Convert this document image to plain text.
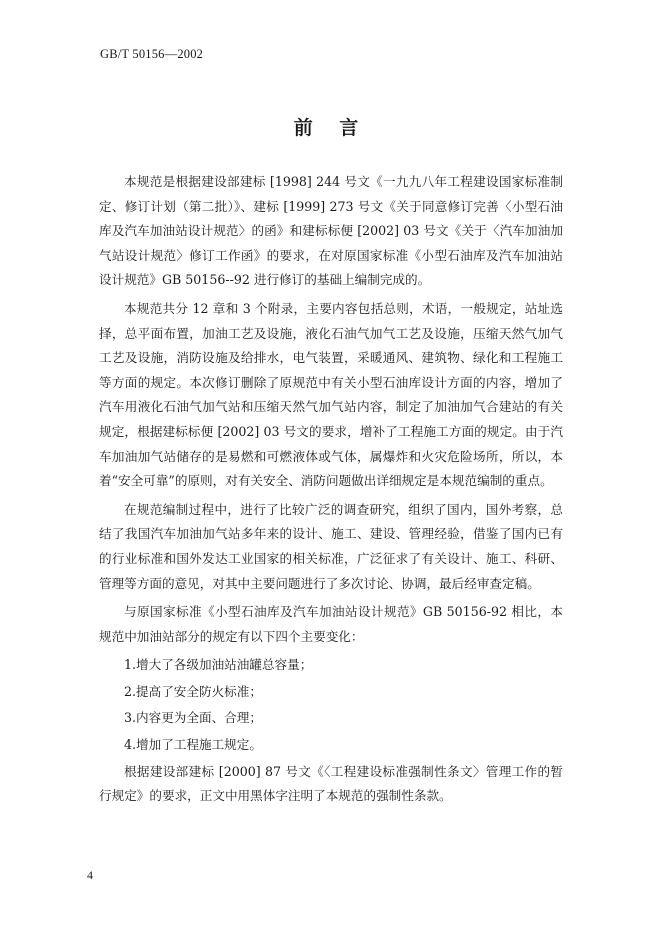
GB/T 50156—2002
前 言

本规范是根据建设部建标 [1998] 244 号文《一九九八年工程建设国家标准制定、修订计划（第二批）》、建标 [1999] 273 号文《关于同意修订完善〈小型石油库及汽车加油站设计规范〉的函》和建标标便 [2002] 03 号文《关于〈汽车加油加气站设计规范〉修订工作函》的要求，在对原国家标准《小型石油库及汽车加油站设计规范》GB 50156--92 进行修订的基础上编制完成的。

本规范共分 12 章和 3 个附录，主要内容包括总则，术语，一般规定，站址选择，总平面布置，加油工艺及设施，液化石油气加气工艺及设施，压缩天然气加气工艺及设施，消防设施及给排水，电气装置，采暖通风、建筑物、绿化和工程施工等方面的规定。本次修订删除了原规范中有关小型石油库设计方面的内容，增加了汽车用液化石油气加气站和压缩天然气加气站内容，制定了加油加气合建站的有关规定，根据建标标便 [2002] 03 号文的要求，增补了工程施工方面的规定。由于汽车加油加气站储存的是易燃和可燃液体或气体，属爆炸和火灾危险场所，所以，本着“安全可靠”的原则，对有关安全、消防问题做出详细规定是本规范编制的重点。

在规范编制过程中，进行了比较广泛的调查研究，组织了国内，国外考察，总结了我国汽车加油加气站多年来的设计、施工、建设、管理经验，借鉴了国内已有的行业标准和国外发达工业国家的相关标准，广泛征求了有关设计、施工、科研、管理等方面的意见，对其中主要问题进行了多次讨论、协调，最后经审查定稿。

与原国家标准《小型石油库及汽车加油站设计规范》GB 50156-92 相比，本规范中加油站部分的规定有以下四个主要变化：

1.增大了各级加油站油罐总容量；

2.提高了安全防火标准；

3.内容更为全面、合理；

4.增加了工程施工规定。

根据建设部建标 [2000] 87 号文《〈工程建设标准强制性条文〉管理工作的暂行规定》的要求，正文中用黑体字注明了本规范的强制性条款。

4
